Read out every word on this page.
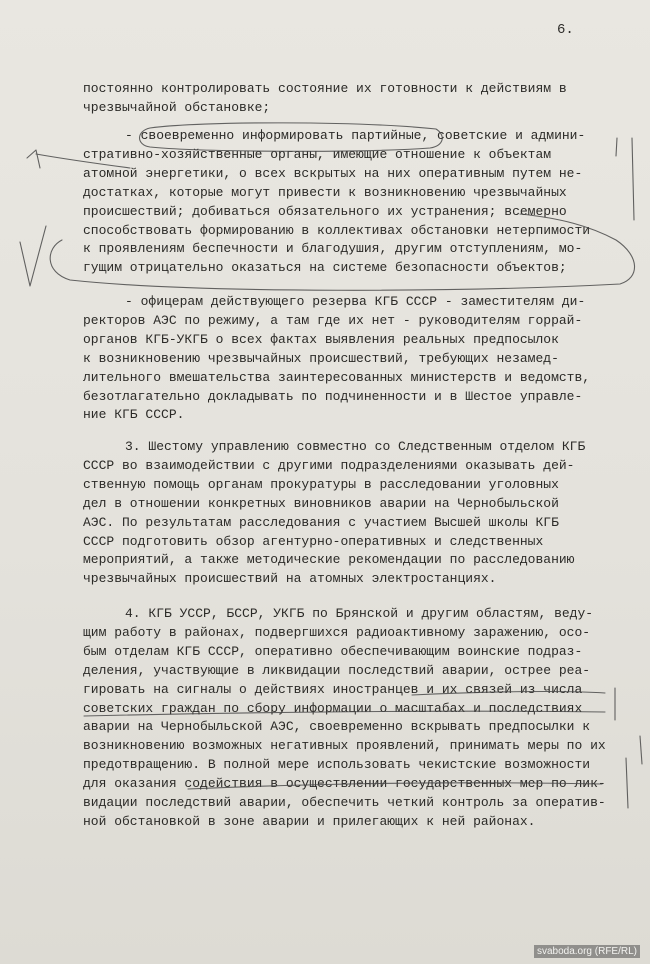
6.
постоянно контролировать состояние их готовности к действиям в
чрезвычайной обстановке;
- своевременно информировать партийные, советские и админи-
стративно-хозяйственные органы, имеющие отношение к объектам
атомной энергетики, о всех вскрытых на них оперативным путем не-
достатках, которые могут привести к возникновению чрезвычайных
происшествий; добиваться обязательного их устранения; всемерно
способствовать формированию в коллективах обстановки нетерпимости
к проявлениям беспечности и благодушия, другим отступлениям, мо-
гущим отрицательно оказаться на системе безопасности объектов;
- офицерам действующего резерва КГБ СССР - заместителям ди-
ректоров АЭС по режиму, а там где их нет - руководителям горрай-
органов КГБ-УКГБ о всех фактах выявления реальных предпосылок
к возникновению чрезвычайных происшествий, требующих незамед-
лительного вмешательства заинтересованных министерств и ведомств,
безотлагательно докладывать по подчиненности и в Шестое управле-
ние КГБ СССР.
3. Шестому управлению совместно со Следственным отделом КГБ
СССР во взаимодействии с другими подразделениями оказывать дей-
ственную помощь органам прокуратуры в расследовании уголовных
дел в отношении конкретных виновников аварии на Чернобыльской
АЭС. По результатам расследования с участием Высшей школы КГБ
СССР подготовить обзор агентурно-оперативных и следственных
мероприятий, а также методические рекомендации по расследованию
чрезвычайных происшествий на атомных электростанциях.
4. КГБ УССР, БССР, УКГБ по Брянской и другим областям, веду-
щим работу в районах, подвергшихся радиоактивному заражению, осо-
бым отделам КГБ СССР, оперативно обеспечивающим воинские подраз-
деления, участвующие в ликвидации последствий аварии, острее реа-
гировать на сигналы о действиях иностранцев и их связей из числа
советских граждан по сбору информации о масштабах и последствиях
аварии на Чернобыльской АЭС, своевременно вскрывать предпосылки к
возникновению возможных негативных проявлений, принимать меры по их
предотвращению. В полной мере использовать чекистские возможности
для оказания содействия в осуществлении государственных мер по лик-
видации последствий аварии, обеспечить четкий контроль за оператив-
ной обстановкой в зоне аварии и прилегающих к ней районах.
svaboda.org (RFE/RL)
